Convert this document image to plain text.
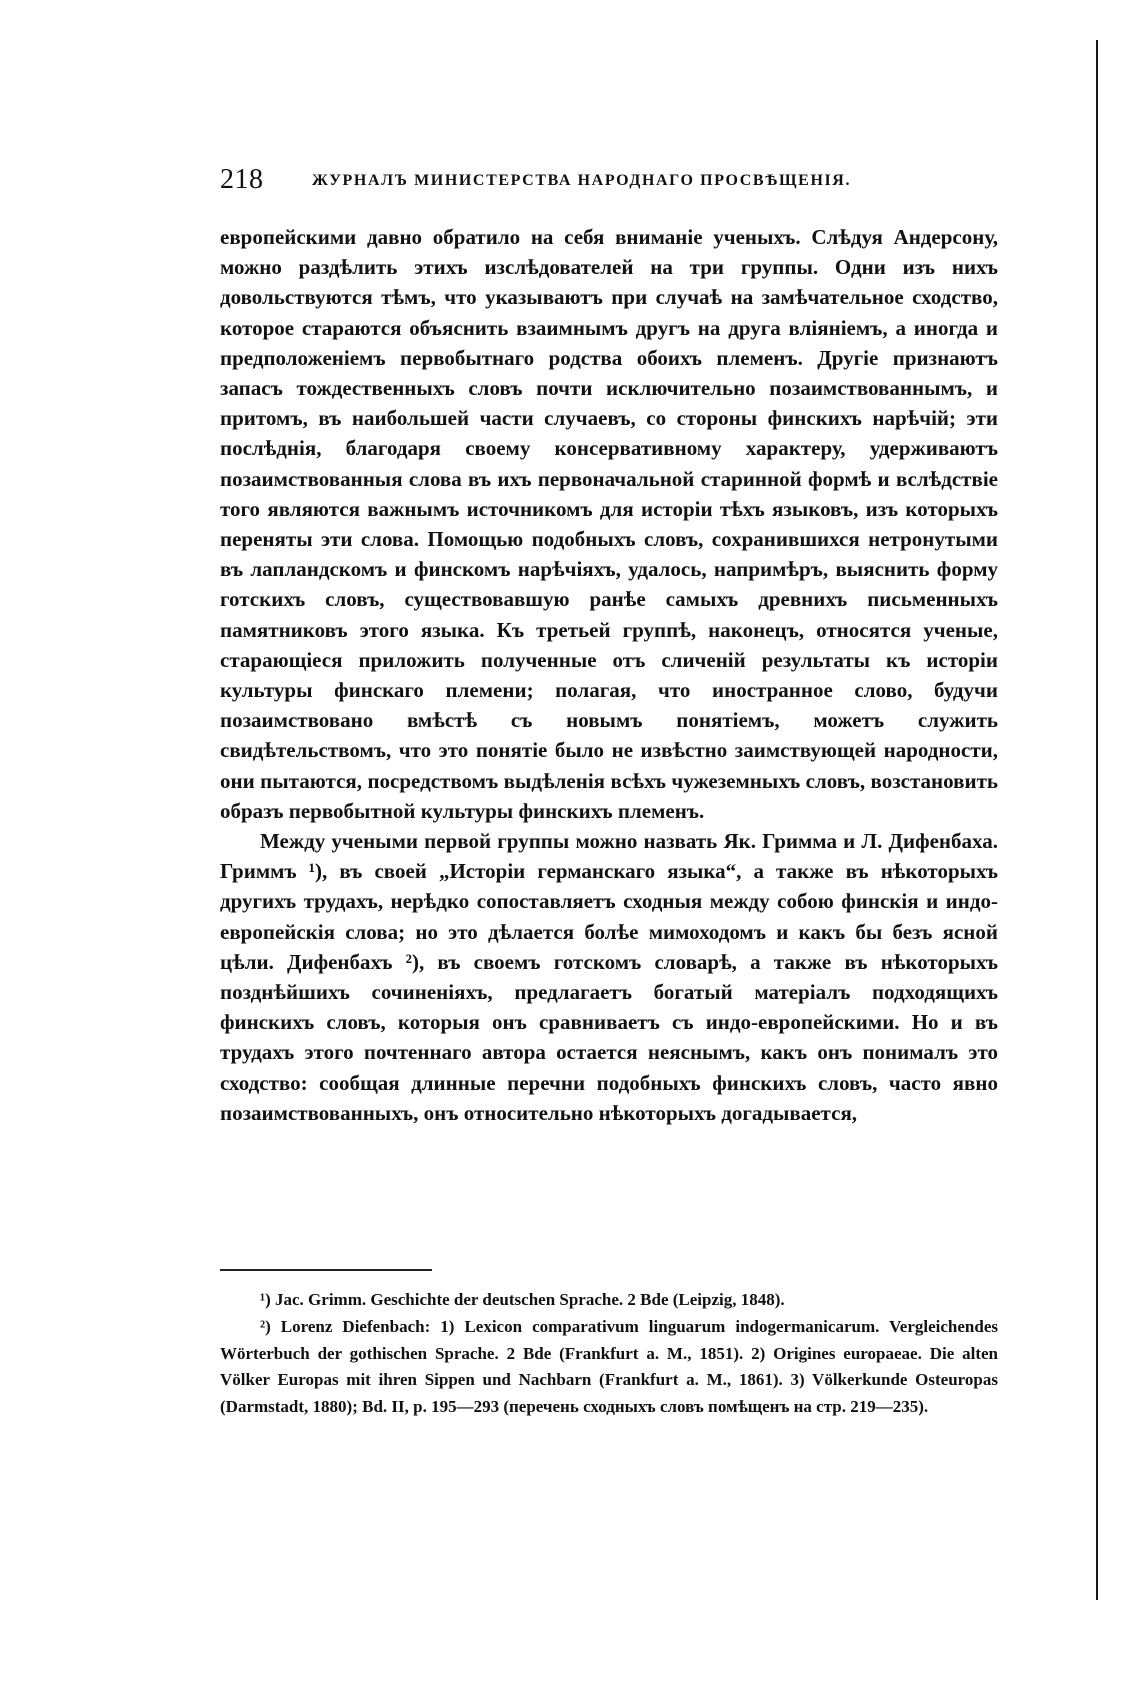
218	ЖУРНАЛЪ МИНИСТЕРСТВА НАРОДНАГО ПРОСВѢЩЕНІЯ.

европейскими давно обратило на себя вниманіе ученыхъ. Слѣдуя Андерсону, можно раздѣлить этихъ изслѣдователей на три группы. Одни изъ нихъ довольствуются тѣмъ, что указываютъ при случаѣ на замѣчательное сходство, которое стараются объяснить взаимнымъ другъ на друга вліяніемъ, а иногда и предположеніемъ первобытнаго родства обоихъ племенъ. Другіе признаютъ запасъ тождественныхъ словъ почти исключительно позаимствованнымъ, и притомъ, въ наибольшей части случаевъ, со стороны финскихъ нарѣчій; эти послѣднія, благодаря своему консервативному характеру, удерживаютъ позаимствованныя слова въ ихъ первоначальной старинной формѣ и вслѣдствіе того являются важнымъ источникомъ для исторіи тѣхъ языковъ, изъ которыхъ переняты эти слова. Помощью подобныхъ словъ, сохранившихся нетронутыми въ лапландскомъ и финскомъ нарѣчіяхъ, удалось, напримѣръ, выяснить форму готскихъ словъ, существовавшую ранѣе самыхъ древнихъ письменныхъ памятниковъ этого языка. Къ третьей группѣ, наконецъ, относятся ученые, старающіеся приложить полученные отъ сличеній результаты къ исторіи культуры финскаго племени; полагая, что иностранное слово, будучи позаимствовано вмѣстѣ съ новымъ понятіемъ, можетъ служить свидѣтельствомъ, что это понятіе было не извѣстно заимствующей народности, они пытаются, посредствомъ выдѣленія всѣхъ чужеземныхъ словъ, возстановить образъ первобытной культуры финскихъ племенъ.

Между учеными первой группы можно назвать Як. Гримма и Л. Дифенбаха. Гриммъ ¹), въ своей „Исторіи германскаго языка“, а также въ нѣкоторыхъ другихъ трудахъ, нерѣдко сопоставляетъ сходныя между собою финскія и индо-европейскія слова; но это дѣлается болѣе мимоходомъ и какъ бы безъ ясной цѣли. Дифенбахъ ²), въ своемъ готскомъ словарѣ, а также въ нѣкоторыхъ позднѣйшихъ сочиненіяхъ, предлагаетъ богатый матеріалъ подходящихъ финскихъ словъ, которыя онъ сравниваетъ съ индо-европейскими. Но и въ трудахъ этого почтеннаго автора остается неяснымъ, какъ онъ понималъ это сходство: сообщая длинные перечни подобныхъ финскихъ словъ, часто явно позаимствованныхъ, онъ относительно нѣкоторыхъ догадывается,

¹) Jac. Grimm. Geschichte der deutschen Sprache. 2 Bde (Leipzig, 1848).

²) Lorenz Diefenbach: 1) Lexicon comparativum linguarum indogermanicarum. Vergleichendes Wörterbuch der gothischen Sprache. 2 Bde (Frankfurt a. M., 1851). 2) Origines europaeae. Die alten Völker Europas mit ihren Sippen und Nachbarn (Frankfurt a. M., 1861). 3) Völkerkunde Osteuropas (Darmstadt, 1880); Bd. II, p. 195—293 (перечень сходныхъ словъ помѣщенъ на стр. 219—235).
